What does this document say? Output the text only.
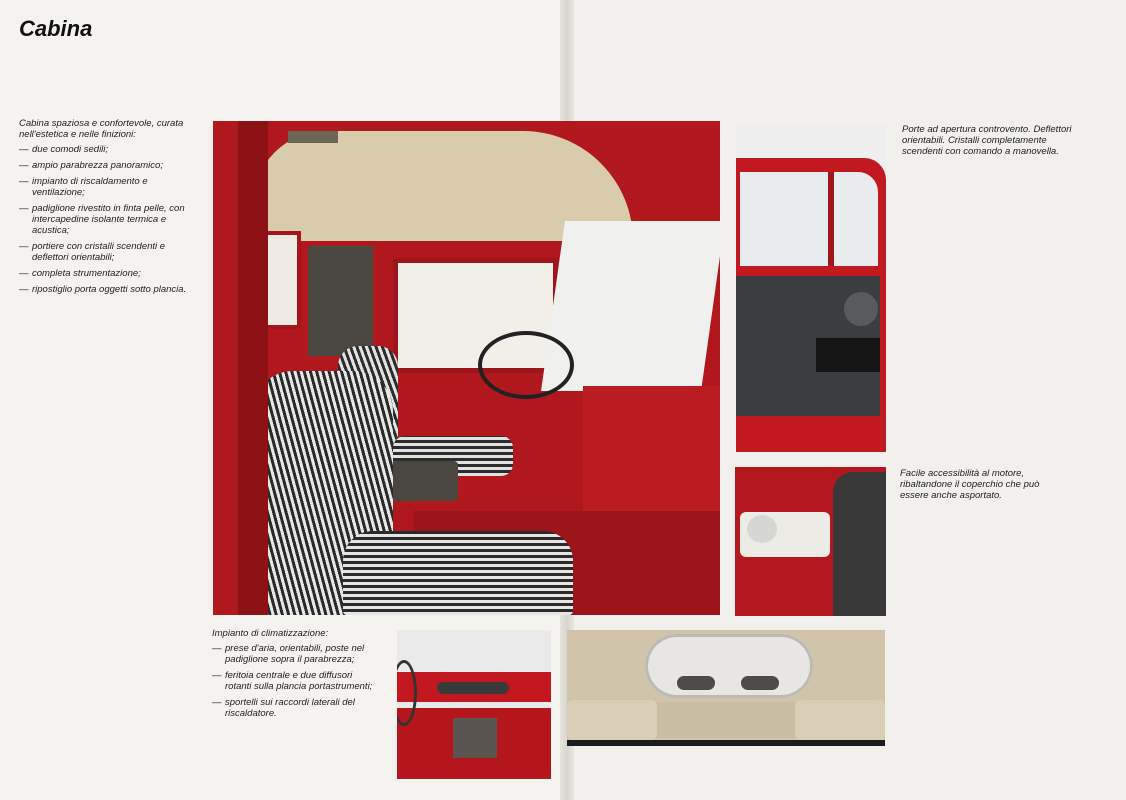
Cabina

Cabina spaziosa e confortevole, curata nell'estetica e nelle finizioni:

— due comodi sedili;
— ampio parabrezza panoramico;
— impianto di riscaldamento e ventilazione;
— padiglione rivestito in finta pelle, con intercapedine isolante termica e acustica;
— portiere con cristalli scendenti e deflettori orientabili;
— completa strumentazione;
— ripostiglio porta oggetti sotto plancia.
Porte ad apertura controvento. Deflettori orientabili. Cristalli completamente scendenti con comando a manovella.
Facile accessibilità al motore, ribaltandone il coperchio che può essere anche asportato.

Impianto di climatizzazione:

— prese d'aria, orientabili, poste nel padiglione sopra il parabrezza;
— feritoia centrale e due diffusori rotanti sulla plancia portastrumenti;
— sportelli sui raccordi laterali del riscaldatore.
